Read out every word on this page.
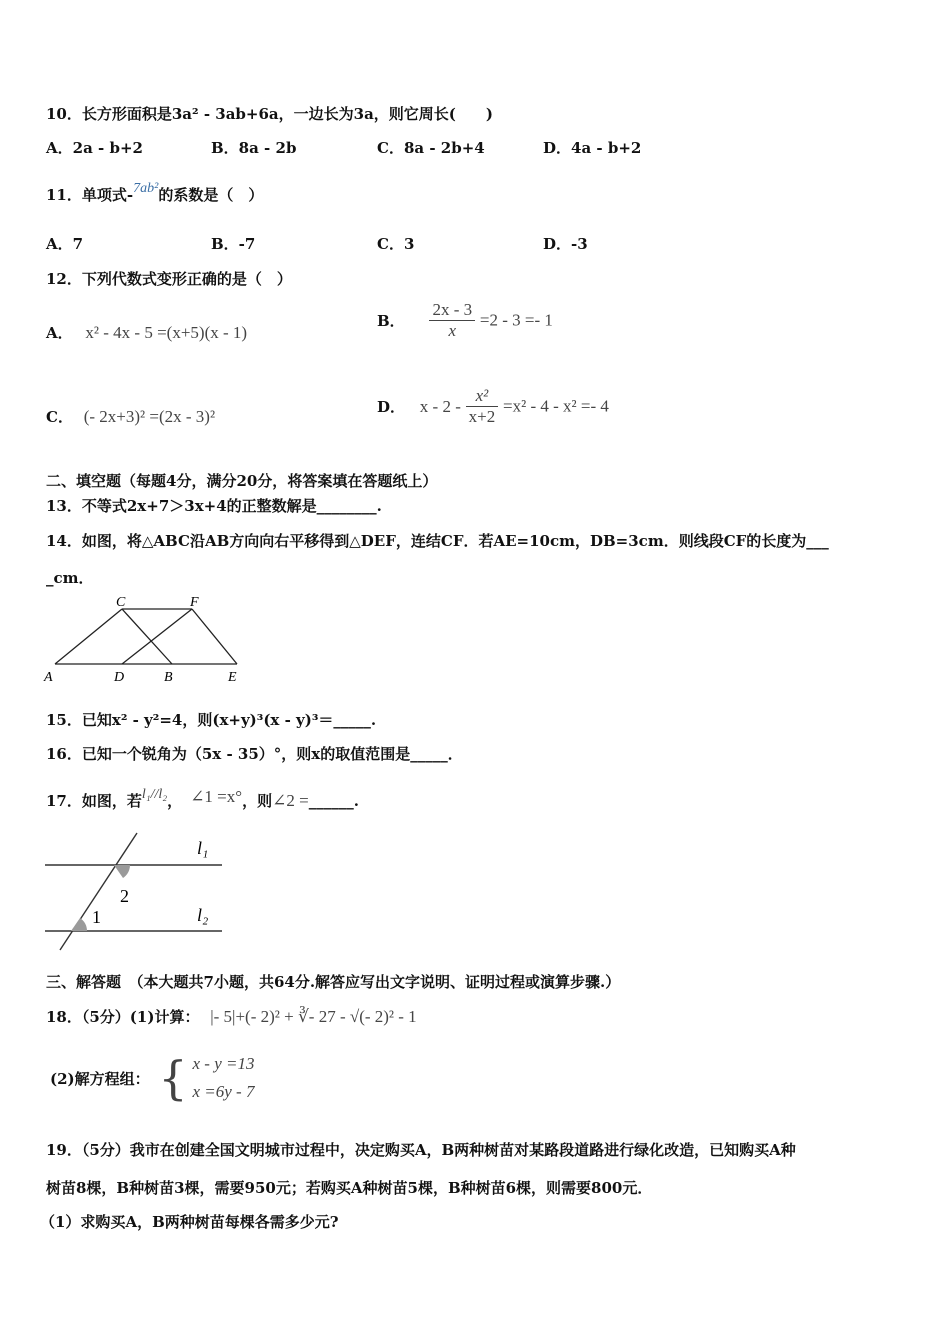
10．长方形面积是3a² - 3ab+6a，一边长为3a，则它周长(　　)
A．2a - b+2	B．8a - 2b	C．8a - 2b+4	D．4a - b+2
11．单项式-7ab²的系数是（　）
A．7	B．-7	C．3	D．-3
12．下列代数式变形正确的是（　）
A． x² - 4x - 5 =(x+5)(x - 1)
B． $\frac{2x - 3}{x} =2 - 3 =- 1$
C． (- 2x+3)² =(2x - 3)²	D． $x - 2 - \frac{\text{x²}}{x+2} =x^2 - 4 - x^2 =- 4$
二、填空题（每题4分，满分20分，将答案填在答题纸上）
13．不等式2x+7＞3x+4的正整数解是________.
14．如图，将△ABC沿AB方向向右平移得到△DEF，连结CF．若AE=10cm，DB=3cm．则线段CF的长度为___
_cm．
C	F
A	D	B	E
15．已知x² - y²=4，则(x+y)³(x - y)³＝_____.
16．已知一个锐角为（5x - 35）°，则x的取值范围是_____．
17．如图，若l₁//l₂， ∠1 =x°，则∠2 =______.
l₁
l₂
1
2
三、解答题　（本大题共7小题，共64分.解答应写出文字说明、证明过程或演算步骤.）
18．（5分）(1)计算： |- 5|+(- 2)² + ∛- 27 - √(- 2)² - 1
(2)解方程组： { x - y =13
x =6y - 7
19．（5分）我市在创建全国文明城市过程中，决定购买A，B两种树苗对某路段道路进行绿化改造，已知购买A种
树苗8棵，B种树苗3棵，需要950元；若购买A种树苗5棵，B种树苗6棵，则需要800元．
（1）求购买A，B两种树苗每棵各需多少元?
